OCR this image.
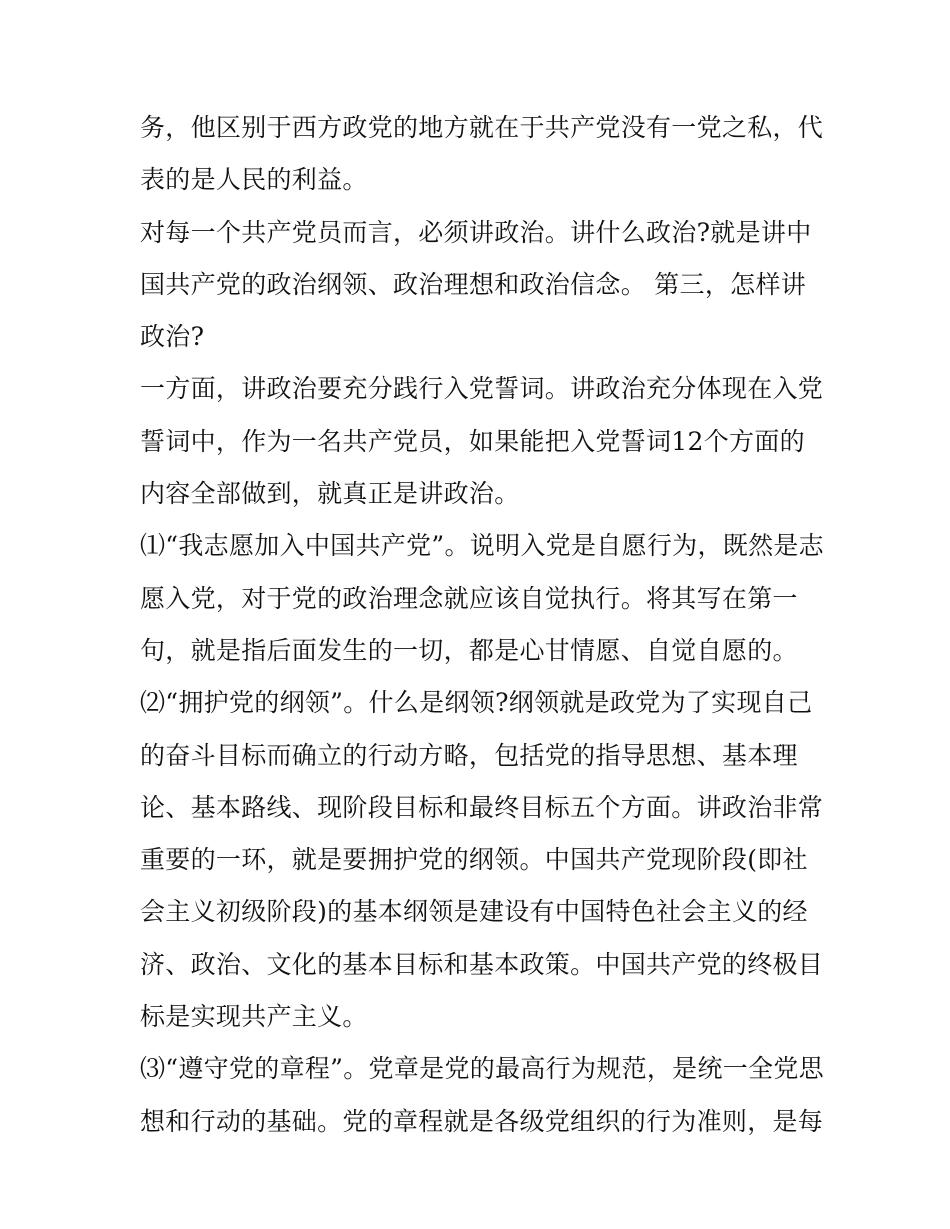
务，他区别于西方政党的地方就在于共产党没有一党之私，代
表的是人民的利益。
对每一个共产党员而言，必须讲政治。讲什么政治?就是讲中
国共产党的政治纲领、政治理想和政治信念。 第三，怎样讲
政治?
一方面，讲政治要充分践行入党誓词。讲政治充分体现在入党
誓词中，作为一名共产党员，如果能把入党誓词12个方面的
内容全部做到，就真正是讲政治。
⑴“我志愿加入中国共产党”。说明入党是自愿行为，既然是志
愿入党，对于党的政治理念就应该自觉执行。将其写在第一
句，就是指后面发生的一切，都是心甘情愿、自觉自愿的。
⑵“拥护党的纲领”。什么是纲领?纲领就是政党为了实现自己
的奋斗目标而确立的行动方略，包括党的指导思想、基本理
论、基本路线、现阶段目标和最终目标五个方面。讲政治非常
重要的一环，就是要拥护党的纲领。中国共产党现阶段(即社
会主义初级阶段)的基本纲领是建设有中国特色社会主义的经
济、政治、文化的基本目标和基本政策。中国共产党的终极目
标是实现共产主义。
⑶“遵守党的章程”。党章是党的最高行为规范，是统一全党思
想和行动的基础。党的章程就是各级党组织的行为准则，是每
